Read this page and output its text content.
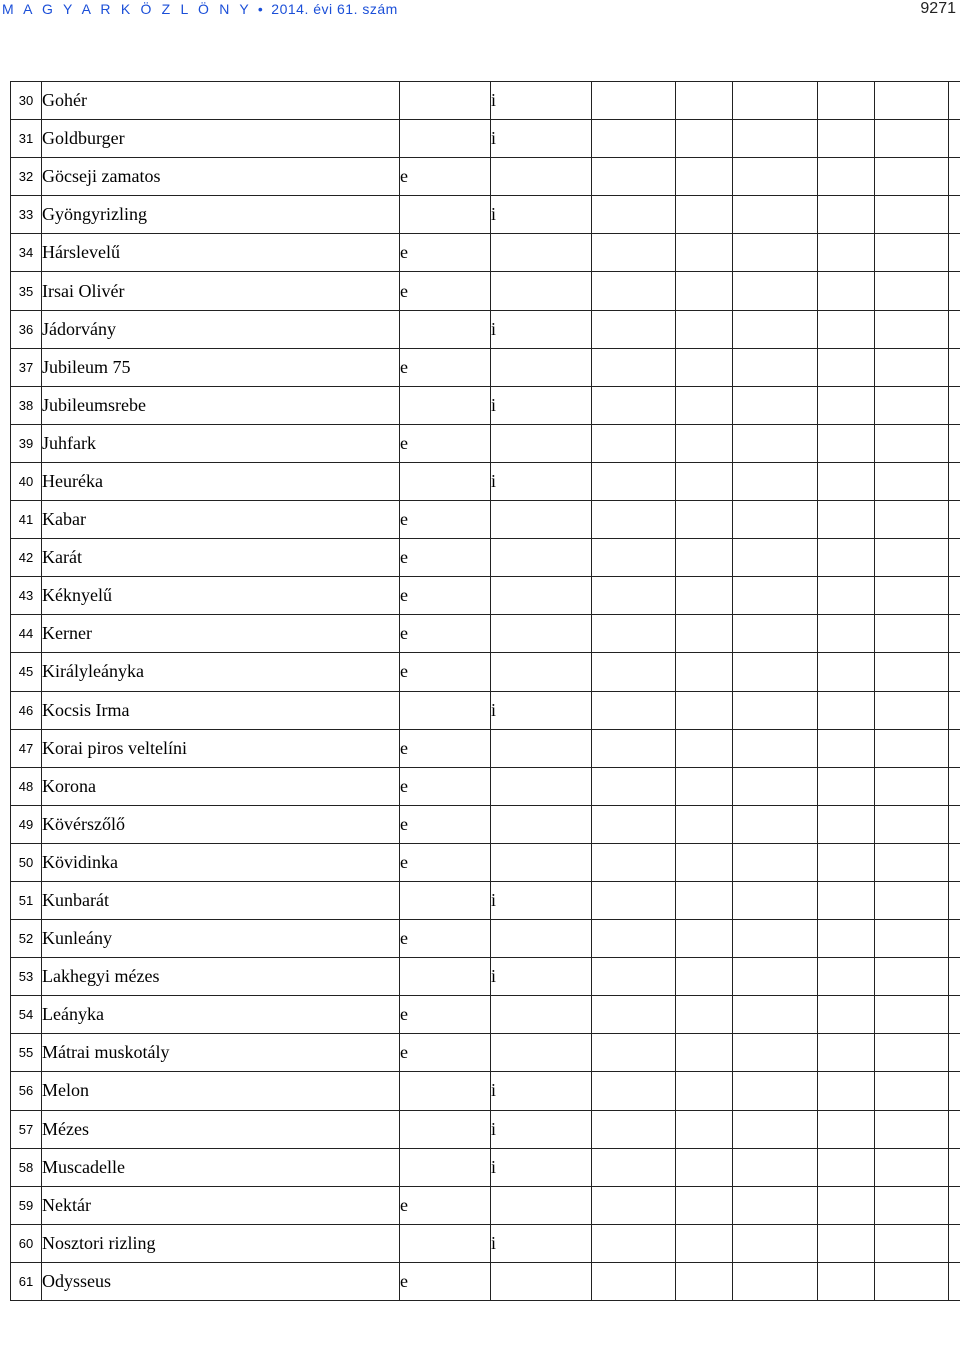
M A G Y A R K Ö Z L Ö N Y • 2014. évi 61. szám	9271
30	Gohér		i						
31	Goldburger		i						
32	Göcseji zamatos	e							
33	Gyöngyrizling		i						
34	Hárslevelű	e							
35	Irsai Olivér	e							
36	Jádorvány		i						
37	Jubileum 75	e							
38	Jubileumsrebe		i						
39	Juhfark	e							
40	Heuréka		i						
41	Kabar	e							
42	Karát	e							
43	Kéknyelű	e							
44	Kerner	e							
45	Királyleányka	e							
46	Kocsis Irma		i						
47	Korai piros veltelíni	e							
48	Korona	e							
49	Kövérszőlő	e							
50	Kövidinka	e							
51	Kunbarát		i						
52	Kunleány	e							
53	Lakhegyi mézes		i						
54	Leányka	e							
55	Mátrai muskotály	e							
56	Melon		i						
57	Mézes		i						
58	Muscadelle		i						
59	Nektár	e							
60	Nosztori rizling		i						
61	Odysseus	e							
